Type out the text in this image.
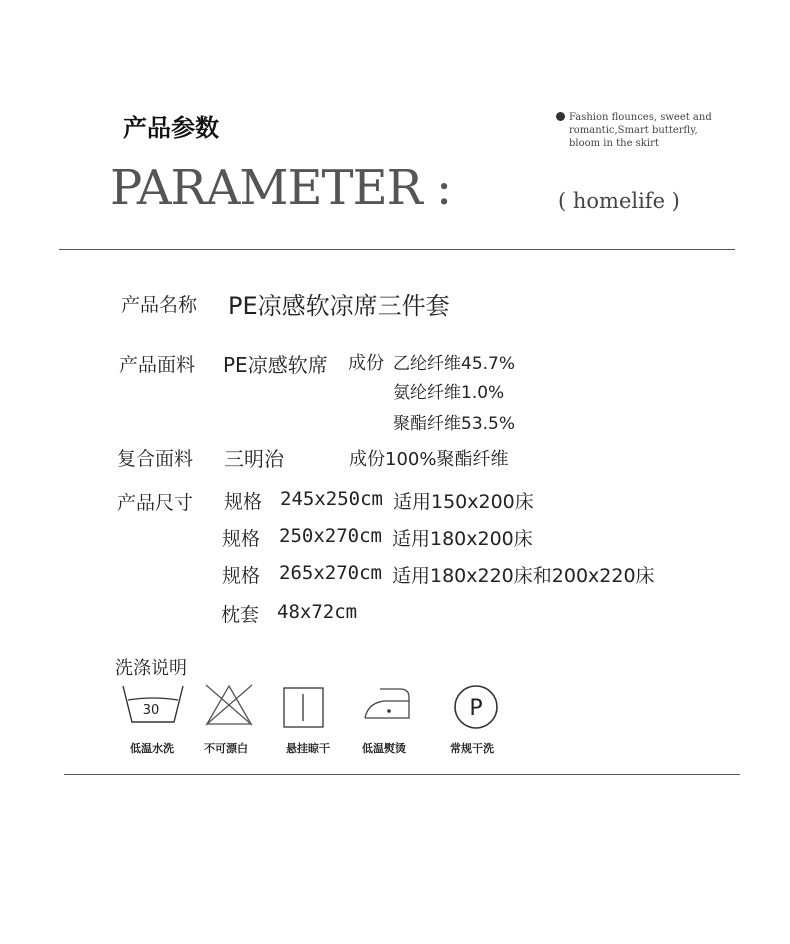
产品参数
PARAMETER :
Fashion flounces, sweet and romantic,Smart butterfly, bloom in the skirt
( homelife )
产品名称 PE凉感软凉席三件套
产品面料 PE凉感软席 成份 乙纶纤维45.7%
氨纶纤维1.0%
聚酯纤维53.5%
复合面料 三明治	成份100%聚酯纤维
产品尺寸 规格 245x250cm 适用150x200床
规格 250x270cm 适用180x200床
规格 265x270cm 适用180x220床和200x220床
枕套 48x72cm
洗涤说明
30
低温水洗	不可漂白	悬挂晾干	低温熨烫
P
常规干洗
